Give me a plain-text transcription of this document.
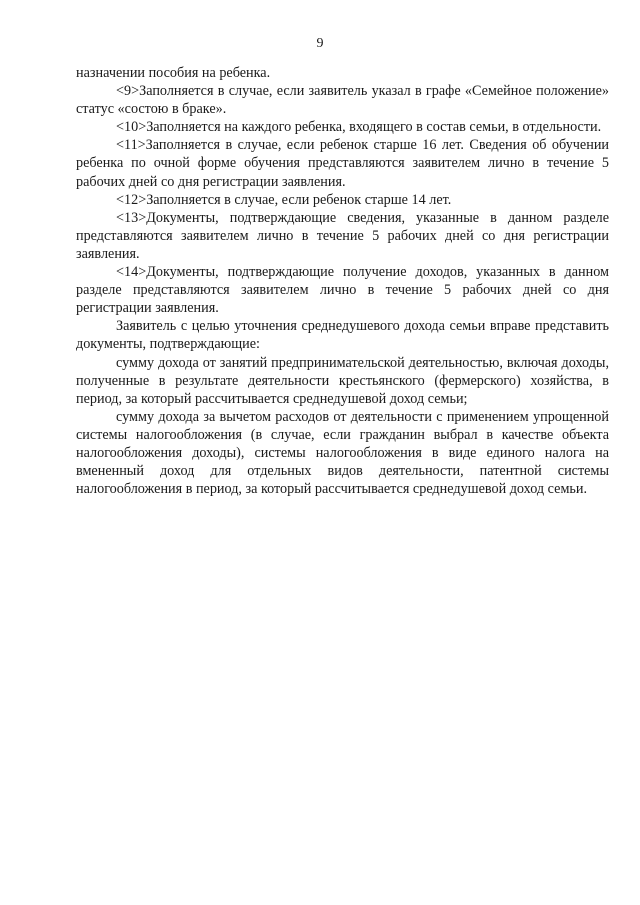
9

назначении пособия на ребенка.

<9>Заполняется в случае, если заявитель указал в графе «Семейное положение» статус «состою в браке».

<10>Заполняется на каждого ребенка, входящего в состав семьи, в отдельности.

<11>Заполняется в случае, если ребенок старше 16 лет. Сведения об обучении ребенка по очной форме обучения представляются заявителем лично в течение 5 рабочих дней со дня регистрации заявления.

<12>Заполняется в случае, если ребенок старше 14 лет.

<13>Документы, подтверждающие сведения, указанные в данном разделе представляются заявителем лично в течение 5 рабочих дней со дня регистрации заявления.

<14>Документы, подтверждающие получение доходов, указанных в данном разделе представляются заявителем лично в течение 5 рабочих дней со дня регистрации заявления.

Заявитель с целью уточнения среднедушевого дохода семьи вправе представить документы, подтверждающие:

сумму дохода от занятий предпринимательской деятельностью, включая доходы, полученные в результате деятельности крестьянского (фермерского) хозяйства, в период, за который рассчитывается среднедушевой доход семьи;

сумму дохода за вычетом расходов от деятельности с применением упрощенной системы налогообложения (в случае, если гражданин выбрал в качестве объекта налогообложения доходы), системы налогообложения в виде единого налога на вмененный доход для отдельных видов деятельности, патентной системы налогообложения в период, за который рассчитывается среднедушевой доход семьи.
